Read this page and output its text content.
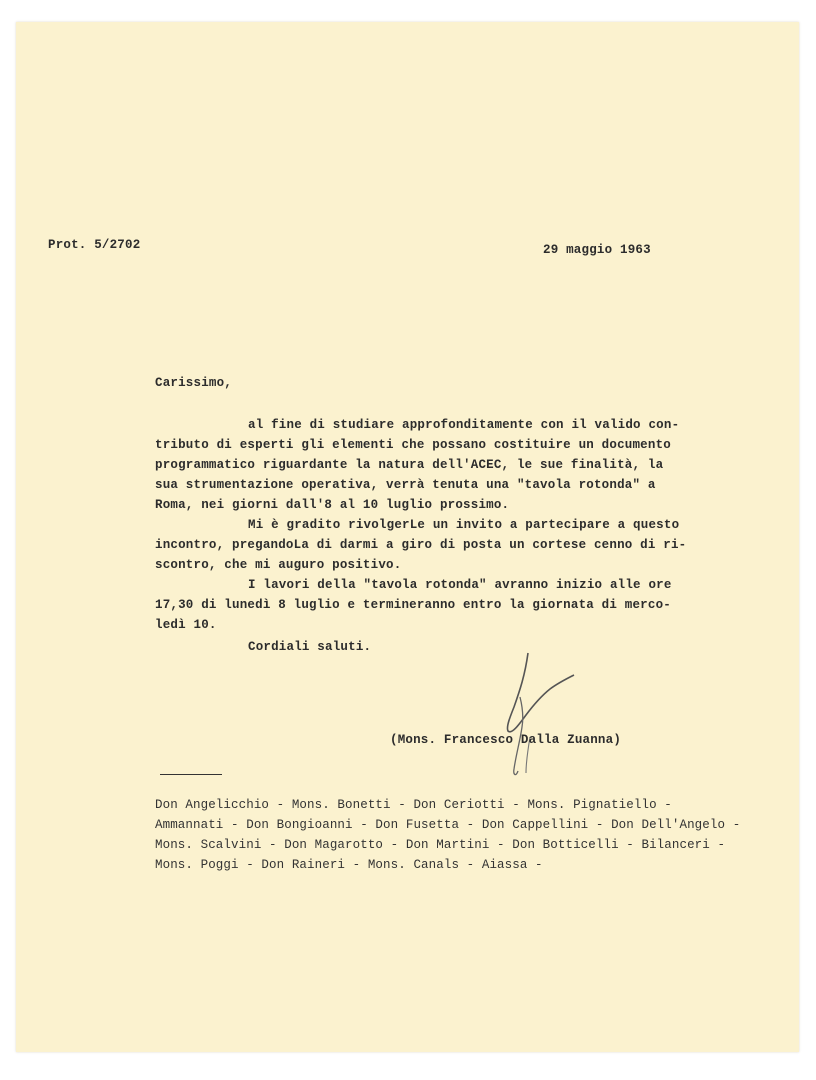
Prot. 5/2702	29 maggio 1963

Carissimo,

al fine di studiare approfonditamente con il valido con-
tributo di esperti gli elementi che possano costituire un documento
programmatico riguardante la natura dell'ACEC, le sue finalità, la
sua strumentazione operativa, verrà tenuta una "tavola rotonda" a
Roma, nei giorni dall'8 al 10 luglio prossimo.
Mi è gradito rivolgerLe un invito a partecipare a questo
incontro, pregandoLa di darmi a giro di posta un cortese cenno di ri-
scontro, che mi auguro positivo.
I lavori della "tavola rotonda" avranno inizio alle ore
17,30 di lunedì 8 luglio e termineranno entro la giornata di merco-
ledì 10.

Cordiali saluti.

(Mons. Francesco Dalla Zuanna)

Don Angelicchio - Mons. Bonetti - Don Ceriotti - Mons. Pignatiello -
Ammannati - Don Bongioanni - Don Fusetta - Don Cappellini - Don Dell'Angelo -
Mons. Scalvini - Don Magarotto - Don Martini - Don Botticelli - Bilanceri -
Mons. Poggi - Don Raineri - Mons. Canals - Aiassa -
